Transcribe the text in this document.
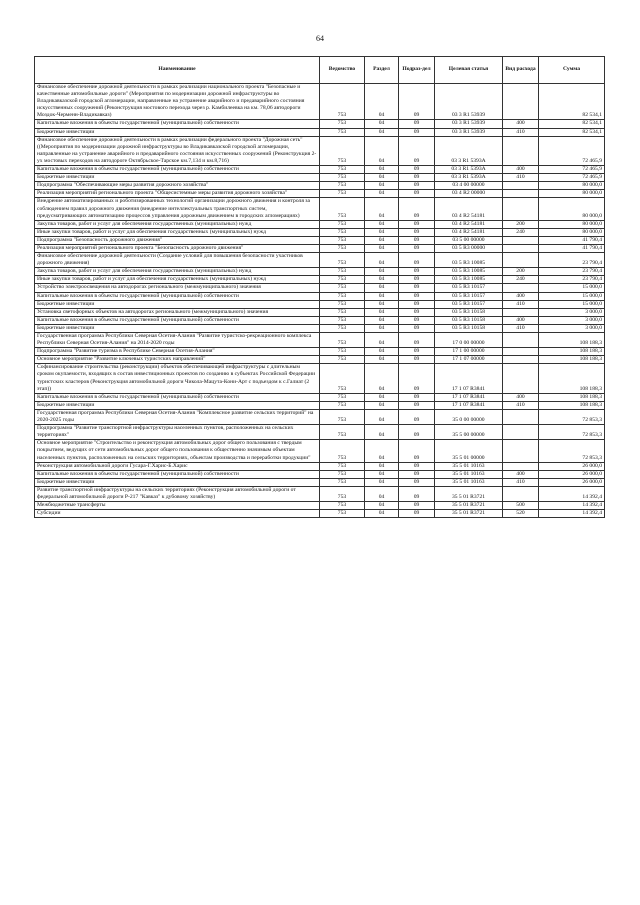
64
Наименование	Ведомство	Раздел	Подраз-дел	Целевая статья	Вид расхода	Сумма
Финансовое обеспечение дорожной деятельности в рамках реализации национального проекта "Безопасные и качественные автомобильные дороги" (Мероприятия по модернизации дорожной инфраструктуры во Владикавказской городской агломерации, направленные на устранение аварийного и предаварийного состояния искусственных сооружений (Реконструкция мостового перехода через р. Камбилеевка на км. 78,06 автодороги Моздок-Черменн-Владикавказ)	753	04	09	03 3 R1 53939		82 534,1
Капитальные вложения в объекты государственной (муниципальной) собственности	753	04	09	03 3 R1 53939	400	82 534,1
Бюджетные инвестиции	753	04	09	03 3 R1 53939	410	82 534,1
Финансовое обеспечение дорожной деятельности в рамках реализации федерального проекта "Дорожная сеть" ((Мероприятия по модернизации дорожной инфраструктуры во Владикавказской городской агломерации, направленные на устранение аварийного и предаварийного состояния искусственных сооружений (Реконструкция 2-ух мостовых переходов на автодороге Октябрьское-Тарское км.7,134 и км.8,716)	753	04	09	03 3 R1 5393A		72 465,9
Капитальные вложения в объекты государственной (муниципальной) собственности	753	04	09	03 3 R1 5393A	400	72 465,9
Бюджетные инвестиции	753	04	09	03 3 R1 5393A	410	72 465,9
Подпрограмма "Обеспечивающие меры развития дорожного хозяйства"	753	04	09	03 4 00 00000		80 000,0
Реализация мероприятий регионального проекта "Общесистемные меры развития дорожного хозяйства"	753	04	09	03 4 R2 00000		80 000,0
Внедрение автоматизированных и роботизированных технологий организации дорожного движения и контроля за соблюдением правил дорожного движения (внедрение интеллектуальных транспортных систем, предусматривающих автоматизацию процессов управления дорожным движением в городских агломерациях)	753	04	09	03 4 R2 54181		80 000,0
Закупка товаров, работ и услуг для обеспечения государственных (муниципальных) нужд	753	04	09	03 4 R2 54181	200	80 000,0
Иные закупки товаров, работ и услуг для обеспечения государственных (муниципальных) нужд	753	04	09	03 4 R2 54181	240	80 000,0
Подпрограмма "Безопасность дорожного движения"	753	04	09	03 5 00 00000		41 790,4
Реализация мероприятий регионального проекта "Безопасность дорожного движения"	753	04	09	03 5 R3 00000		41 790,4
Финансовое обеспечение дорожной деятельности (Создание условий для повышения безопасности участников дорожного движения)	753	04	09	03 5 R3 10085		23 790,4
Закупка товаров, работ и услуг для обеспечения государственных (муниципальных) нужд	753	04	09	03 5 R3 10085	200	23 790,4
Иные закупки товаров, работ и услуг для обеспечения государственных (муниципальных) нужд	753	04	09	03 5 R3 10085	240	23 790,4
Устройство электроосвещения на автодорогах регионального (межмуниципального) значения	753	04	09	03 5 R3 10157		15 000,0
Капитальные вложения в объекты государственной (муниципальной) собственности	753	04	09	03 5 R3 10157	400	15 000,0
Бюджетные инвестиции	753	04	09	03 5 R3 10157	410	15 000,0
Установка светофорных объектов на автодорогах регионального (межмуниципального) значения	753	04	09	03 5 R3 10158		3 000,0
Капитальные вложения в объекты государственной (муниципальной) собственности	753	04	09	03 5 R3 10158	400	3 000,0
Бюджетные инвестиции	753	04	09	03 5 R3 10158	410	3 000,0
Государственная программа Республики Северная Осетия-Алания "Развитие туристско-рекреационного комплекса Республики Северная Осетия-Алания" на 2014-2020 годы	753	04	09	17 0 00 00000		108 188,3
Подпрограмма "Развитие туризма в Республике Северная Осетия-Алания"	753	04	09	17 1 00 00000		108 188,3
Основное мероприятие "Развитие ключевых туристских направлений"	753	04	09	17 1 07 00000		108 188,3
Софинансирование строительства (реконструкции) объектов обеспечивающей инфраструктуры с длительным сроком окупаемости, входящих в состав инвестиционных проектов по созданию в субъектах Российской Федерации туристских кластеров (Реконструкция автомобильной дороги Чикола-Мацута-Кони-Арт с подъездом к с.Галиат (2 этап))	753	04	09	17 1 07 R3841		108 188,3
Капитальные вложения в объекты государственной (муниципальной) собственности	753	04	09	17 1 07 R3841	400	108 188,3
Бюджетные инвестиции	753	04	09	17 1 07 R3841	410	108 188,3
Государственная программа Республики Северная Осетия-Алания "Комплексное развитие сельских территорий" на 2020-2025 годы	753	04	09	35 0 00 00000		72 853,3
Подпрограмма "Развитие транспортной инфраструктуры населенных пунктов, расположенных на сельских территориях"	753	04	09	35 5 00 00000		72 853,3
Основное мероприятие "Строительство и реконструкция автомобильных дорог общего пользования с твердым покрытием, ведущих от сети автомобильных дорог общего пользования к общественно значимым объектам населенных пунктов, расположенных на сельских территориях, объектам производства и переработки продукции"	753	04	09	35 5 01 00000		72 853,3
Реконструкция автомобильной дороги Гусара-Г.Харис-Б.Харис	753	04	09	35 5 01 10163		26 000,0
Капитальные вложения в объекты государственной (муниципальной) собственности	753	04	09	35 5 01 10163	400	26 000,0
Бюджетные инвестиции	753	04	09	35 5 01 10163	410	26 000,0
Развитие транспортной инфраструктуры на сельских территориях (Реконструкция автомобильной дороги от федеральной автомобильной дороги Р-217 "Кавказ" к дубовому хозяйству)	753	04	09	35 5 01 R3721		14 392,4
Межбюджетные трансферты	753	04	09	35 5 01 R3721	500	14 392,4
Субсидии	753	04	09	35 5 01 R3721	520	14 392,4
